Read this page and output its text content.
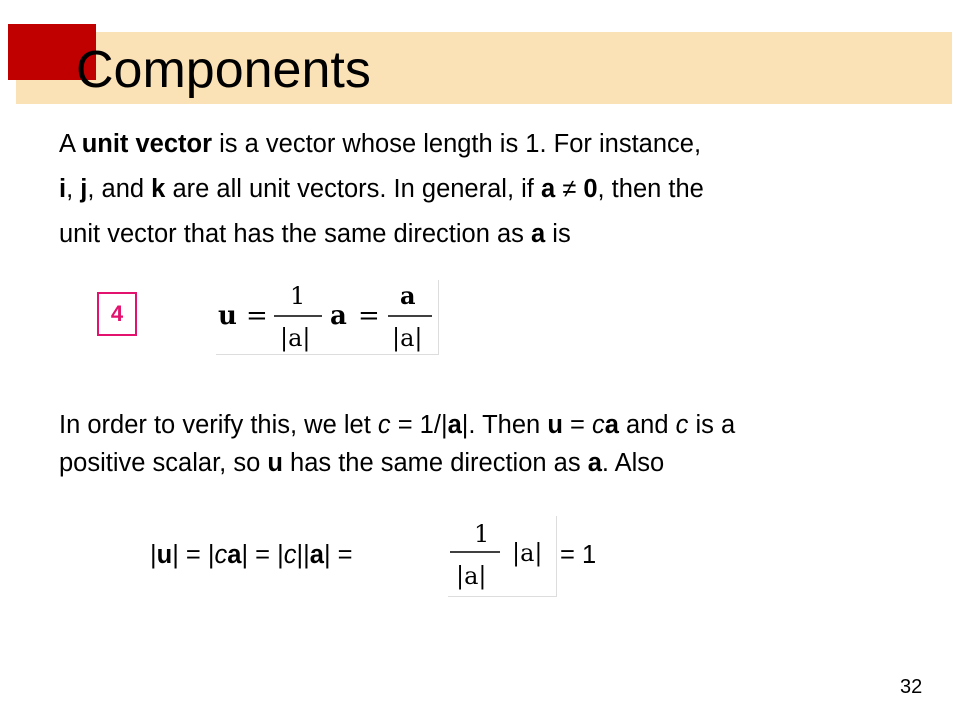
Components

A unit vector is a vector whose length is 1. For instance,
i, j, and k are all unit vectors. In general, if a ≠ 0, then the
unit vector that has the same direction as a is

4	u =
1
|a|
a =
a
|a|

In order to verify this, we let c = 1/|a|. Then u = ca and c is a
positive scalar, so u has the same direction as a. Also

|u| = |ca| = |c||a| =
1
|a|
|a| = 1
32
